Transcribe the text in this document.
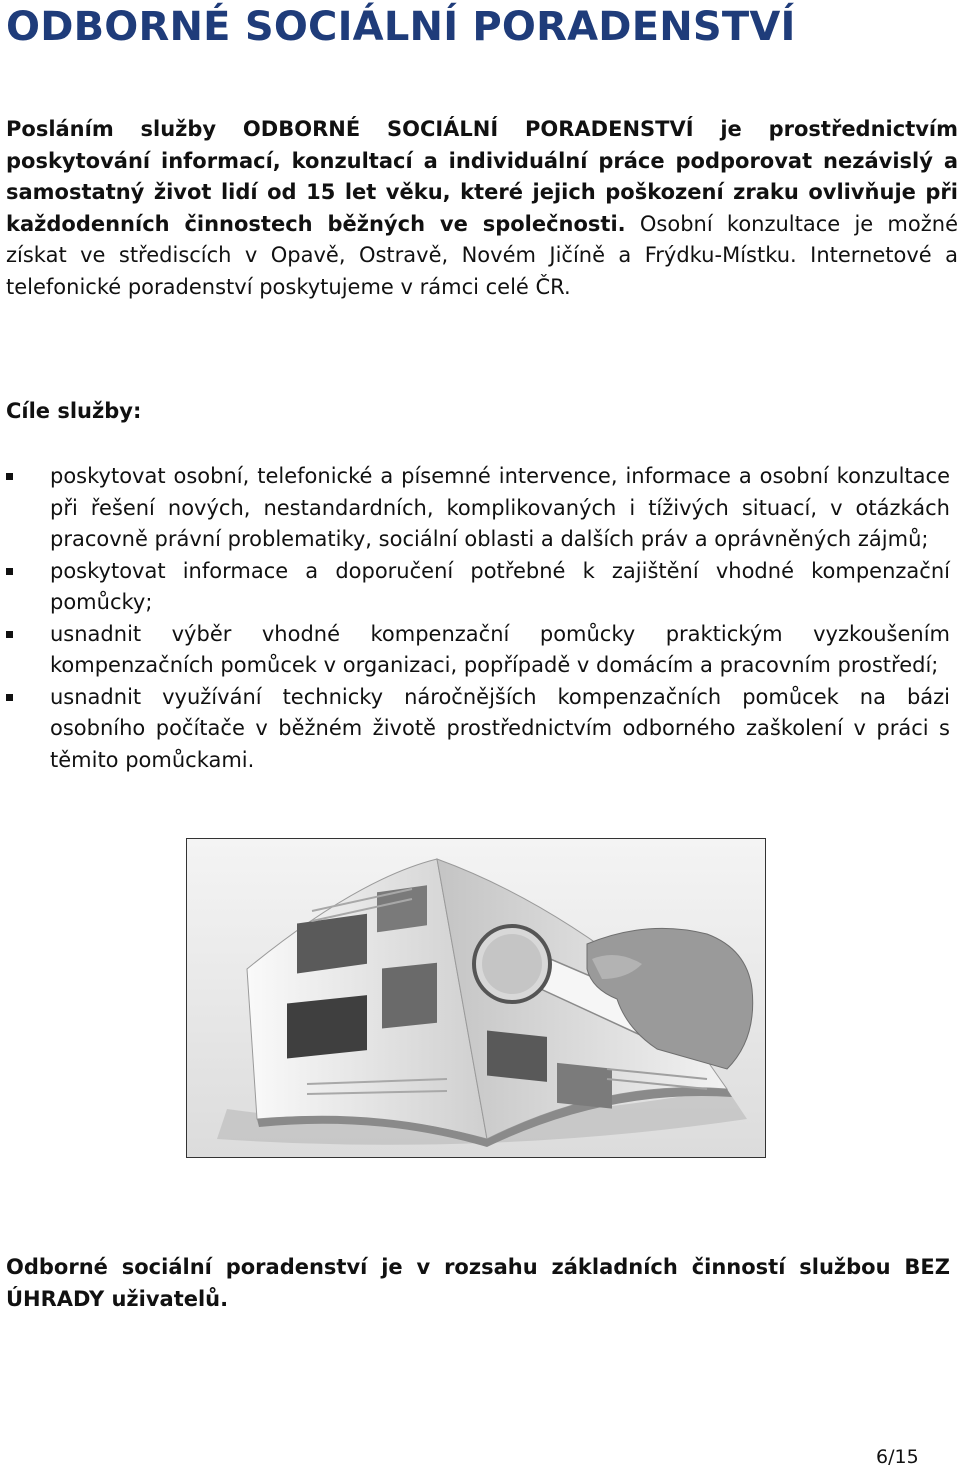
ODBORNÉ SOCIÁLNÍ PORADENSTVÍ

Posláním služby ODBORNÉ SOCIÁLNÍ PORADENSTVÍ je prostřednictvím poskytování informací, konzultací a individuální práce podporovat nezávislý a samostatný život lidí od 15 let věku, které jejich poškození zraku ovlivňuje při každodenních činnostech běžných ve společnosti. Osobní konzultace je možné získat ve střediscích v Opavě, Ostravě, Novém Jičíně a Frýdku-Místku. Internetové a telefonické poradenství poskytujeme v rámci celé ČR.

Cíle služby:
poskytovat osobní, telefonické a písemné intervence, informace a osobní konzultace při řešení nových, nestandardních, komplikovaných i tíživých situací, v otázkách pracovně právní problematiky, sociální oblasti a dalších práv a oprávněných zájmů;
poskytovat informace a doporučení potřebné k zajištění vhodné kompenzační pomůcky;
usnadnit výběr vhodné kompenzační pomůcky praktickým vyzkoušením kompenzačních pomůcek v organizaci, popřípadě v domácím a pracovním prostředí;
usnadnit využívání technicky náročnějších kompenzačních pomůcek na bázi osobního počítače v běžném životě prostřednictvím odborného zaškolení v práci s těmito pomůckami.

Odborné sociální poradenství je v rozsahu základních činností službou BEZ ÚHRADY uživatelů.

6/15
